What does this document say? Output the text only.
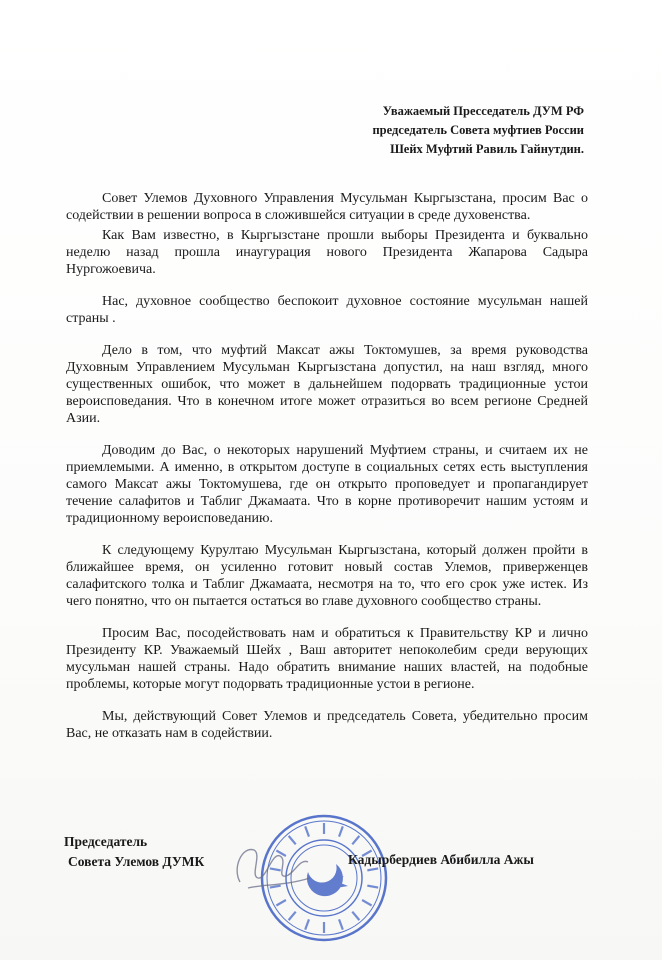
Уважаемый Пресседатель ДУМ РФ
председатель Совета муфтиев России
Шейх Муфтий Равиль Гайнутдин.

Совет Улемов Духовного Управления Мусульман Кыргызстана, просим Вас о содействии в решении вопроса в сложившейся ситуации в среде духовенства.

Как Вам известно, в Кыргызстане прошли выборы Президента и буквально неделю назад прошла инаугурация нового Президента Жапарова Садыра Нургожоевича.

Нас, духовное сообщество беспокоит духовное состояние мусульман нашей страны .

Дело в том, что муфтий Максат ажы Токтомушев, за время руководства Духовным Управлением Мусульман Кыргызстана допустил, на наш взгляд, много существенных ошибок, что может в дальнейшем подорвать традиционные устои вероисповедания. Что в конечном итоге может отразиться во всем регионе Средней Азии.

Доводим до Вас, о некоторых нарушений Муфтием страны, и считаем их не приемлемыми. А именно, в открытом доступе в социальных сетях есть выступления самого Максат ажы Токтомушева, где он открыто проповедует и пропагандирует течение салафитов и Таблиг Джамаата. Что в корне противоречит нашим устоям и традиционному вероисповеданию.

К следующему Курултаю Мусульман Кыргызстана, который должен пройти в ближайшее время, он усиленно готовит новый состав Улемов, приверженцев салафитского толка и Таблиг Джамаата, несмотря на то, что его срок уже истек. Из чего понятно, что он пытается остаться во главе духовного сообщество страны.

Просим Вас, посодействовать нам и обратиться к Правительству КР и лично Президенту КР. Уважаемый Шейх , Ваш авторитет непоколебим среди верующих мусульман нашей страны. Надо обратить внимание наших властей, на подобные проблемы, которые могут подорвать традиционные устои в регионе.

Мы, действующий Совет Улемов и председатель Совета, убедительно просим Вас, не отказать нам в содействии.

Председатель
Совета Улемов ДУМК	Кадырбердиев Абибилла Ажы
